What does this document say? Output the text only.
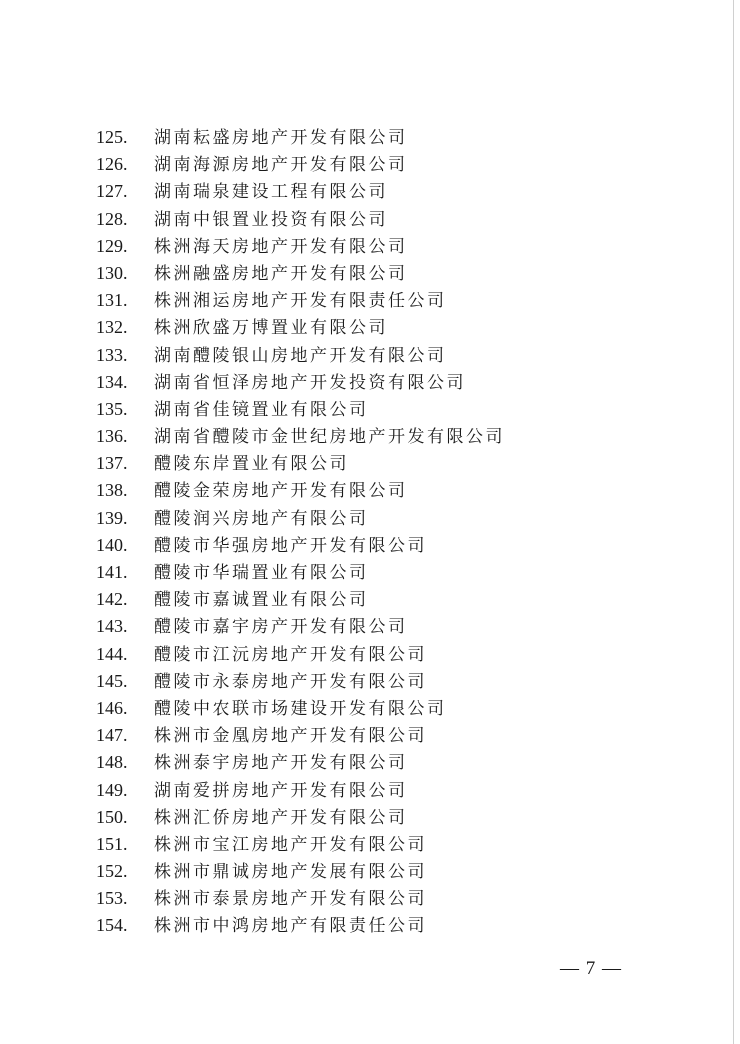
125. 湖南耘盛房地产开发有限公司
126. 湖南海源房地产开发有限公司
127. 湖南瑞泉建设工程有限公司
128. 湖南中银置业投资有限公司
129. 株洲海天房地产开发有限公司
130. 株洲融盛房地产开发有限公司
131. 株洲湘运房地产开发有限责任公司
132. 株洲欣盛万博置业有限公司
133. 湖南醴陵银山房地产开发有限公司
134. 湖南省恒泽房地产开发投资有限公司
135. 湖南省佳镜置业有限公司
136. 湖南省醴陵市金世纪房地产开发有限公司
137. 醴陵东岸置业有限公司
138. 醴陵金荣房地产开发有限公司
139. 醴陵润兴房地产有限公司
140. 醴陵市华强房地产开发有限公司
141. 醴陵市华瑞置业有限公司
142. 醴陵市嘉诚置业有限公司
143. 醴陵市嘉宇房产开发有限公司
144. 醴陵市江沅房地产开发有限公司
145. 醴陵市永泰房地产开发有限公司
146. 醴陵中农联市场建设开发有限公司
147. 株洲市金凰房地产开发有限公司
148. 株洲泰宇房地产开发有限公司
149. 湖南爱拼房地产开发有限公司
150. 株洲汇侨房地产开发有限公司
151. 株洲市宝江房地产开发有限公司
152. 株洲市鼎诚房地产发展有限公司
153. 株洲市泰景房地产开发有限公司
154. 株洲市中鸿房地产有限责任公司
— 7 —
